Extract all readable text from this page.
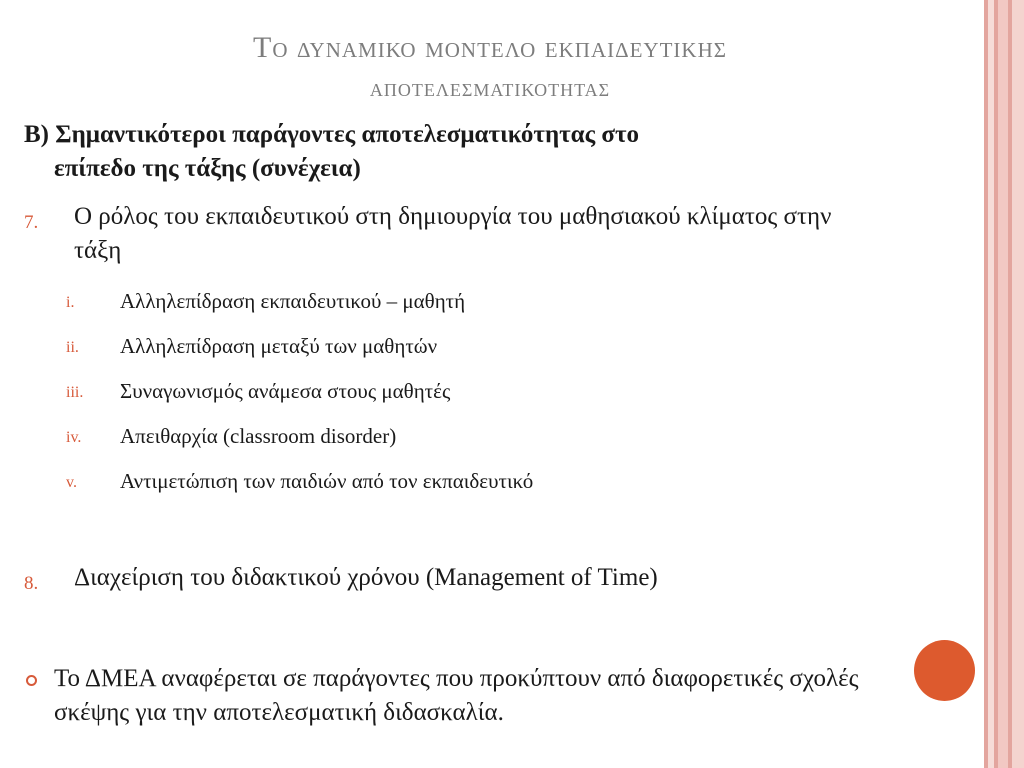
Το δυναμικο μοντελο εκπαιδευτικησ
αποτελεσματικοτητασ
Β) Σημαντικότεροι παράγοντες αποτελεσματικότητας στο
επίπεδο της τάξης (συνέχεια)
7.	Ο ρόλος του εκπαιδευτικού στη δημιουργία του μαθησιακού κλίματος στην τάξη
i. Αλληλεπίδραση εκπαιδευτικού – μαθητή
ii. Αλληλεπίδραση μεταξύ των μαθητών
iii. Συναγωνισμός ανάμεσα στους μαθητές
iv. Απειθαρχία (classroom disorder)
v. Αντιμετώπιση των παιδιών από τον εκπαιδευτικό
8.	Διαχείριση του διδακτικού χρόνου (Management of Time)
Το ΔΜΕΑ αναφέρεται σε παράγοντες που προκύπτουν από διαφορετικές σχολές σκέψης για την αποτελεσματική διδασκαλία.
